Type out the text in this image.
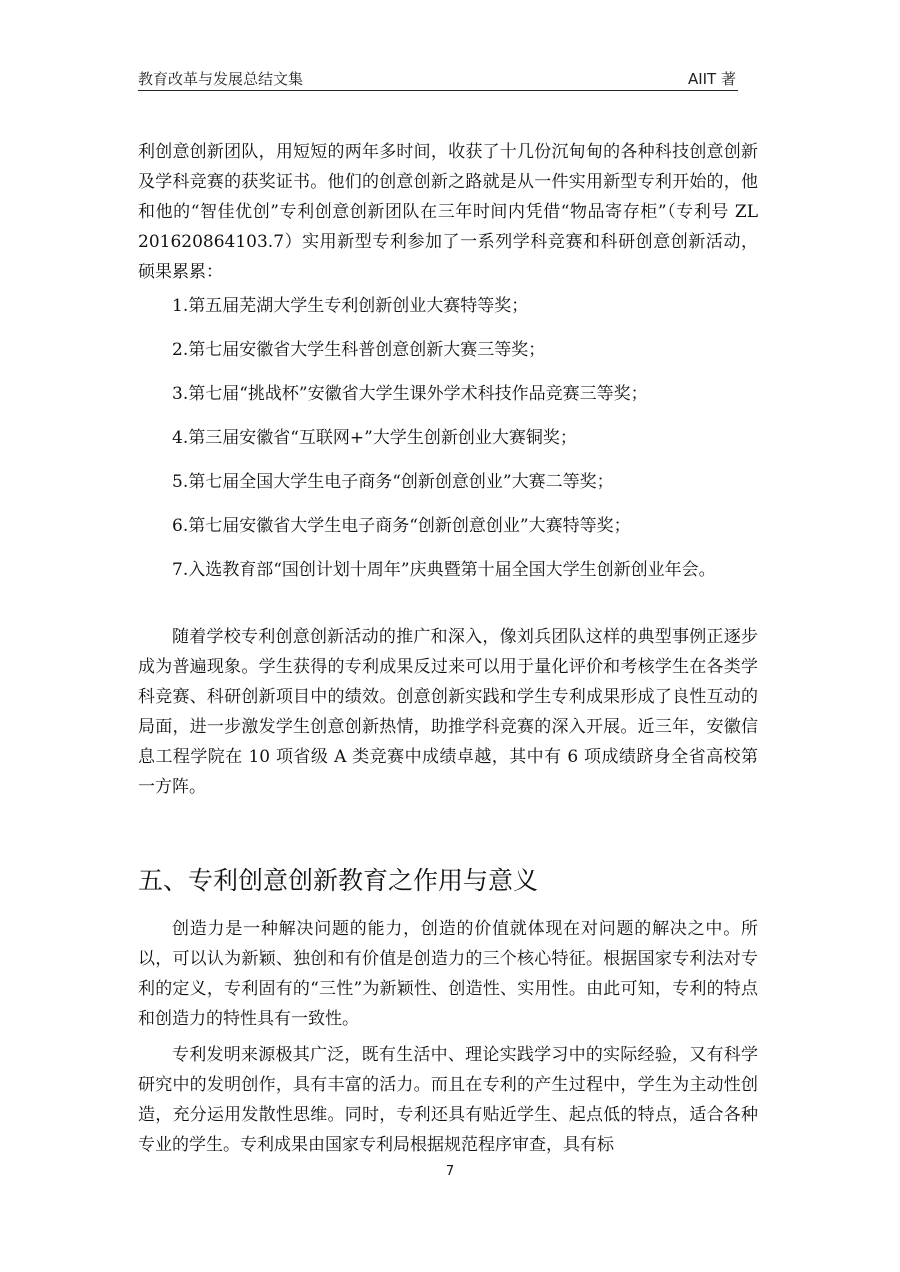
教育改革与发展总结文集	AIIT 著

利创意创新团队，用短短的两年多时间，收获了十几份沉甸甸的各种科技创意创新及学科竞赛的获奖证书。他们的创意创新之路就是从一件实用新型专利开始的，他和他的“智佳优创”专利创意创新团队在三年时间内凭借“物品寄存柜”（专利号 ZL　201620864103.7）实用新型专利参加了一系列学科竞赛和科研创意创新活动，硕果累累：

1.第五届芜湖大学生专利创新创业大赛特等奖；
2.第七届安徽省大学生科普创意创新大赛三等奖；
3.第七届“挑战杯”安徽省大学生课外学术科技作品竞赛三等奖；
4.第三届安徽省“互联网+”大学生创新创业大赛铜奖；
5.第七届全国大学生电子商务“创新创意创业”大赛二等奖；
6.第七届安徽省大学生电子商务“创新创意创业”大赛特等奖；
7.入选教育部“国创计划十周年”庆典暨第十届全国大学生创新创业年会。

随着学校专利创意创新活动的推广和深入，像刘兵团队这样的典型事例正逐步成为普遍现象。学生获得的专利成果反过来可以用于量化评价和考核学生在各类学科竞赛、科研创新项目中的绩效。创意创新实践和学生专利成果形成了良性互动的局面，进一步激发学生创意创新热情，助推学科竞赛的深入开展。近三年，安徽信息工程学院在 10 项省级 A 类竞赛中成绩卓越，其中有 6 项成绩跻身全省高校第一方阵。

五、专利创意创新教育之作用与意义

创造力是一种解决问题的能力，创造的价值就体现在对问题的解决之中。所以，可以认为新颖、独创和有价值是创造力的三个核心特征。根据国家专利法对专利的定义，专利固有的“三性”为新颖性、创造性、实用性。由此可知，专利的特点和创造力的特性具有一致性。

专利发明来源极其广泛，既有生活中、理论实践学习中的实际经验，又有科学研究中的发明创作，具有丰富的活力。而且在专利的产生过程中，学生为主动性创造，充分运用发散性思维。同时，专利还具有贴近学生、起点低的特点，适合各种专业的学生。专利成果由国家专利局根据规范程序审查，具有标

7
